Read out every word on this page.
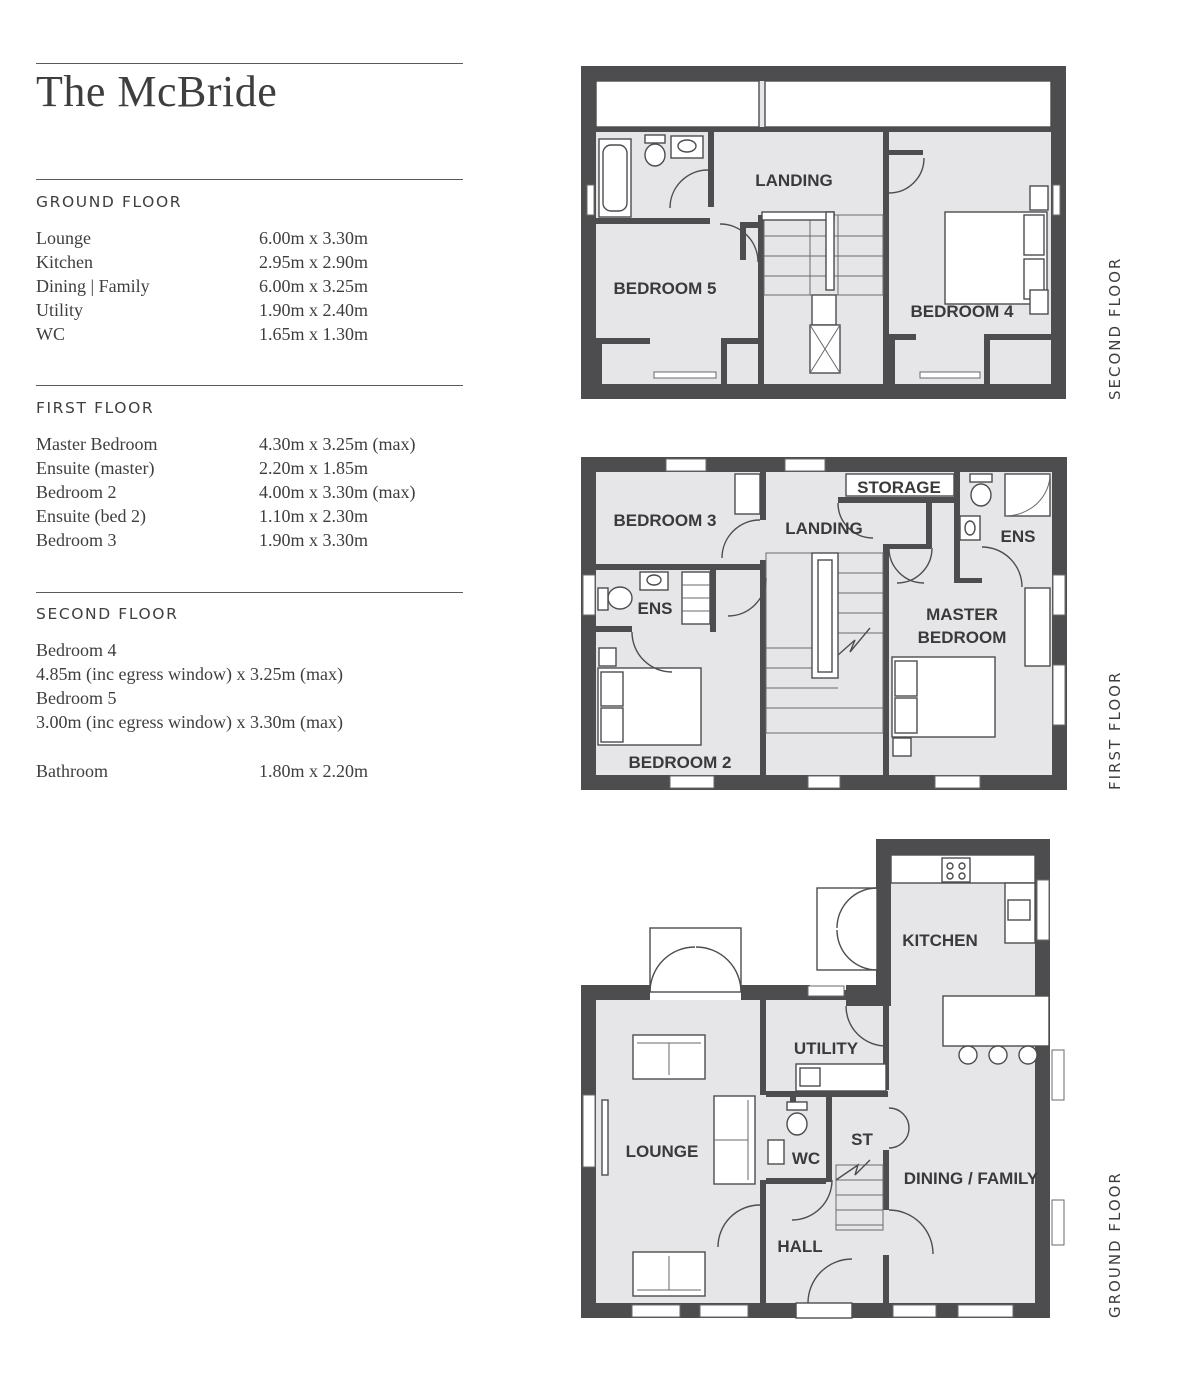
The McBride
GROUND FLOOR
Lounge	6.00m x 3.30m
Kitchen	2.95m x 2.90m
Dining | Family	6.00m x 3.25m
Utility	1.90m x 2.40m
WC	1.65m x 1.30m
FIRST FLOOR
Master Bedroom	4.30m x 3.25m (max)
Ensuite (master)	2.20m x 1.85m
Bedroom 2	4.00m x 3.30m (max)
Ensuite (bed 2)	1.10m x 2.30m
Bedroom 3	1.90m x 3.30m
SECOND FLOOR
Bedroom 4
4.85m (inc egress window) x 3.25m (max)
Bedroom 5
3.00m (inc egress window) x 3.30m (max)
Bathroom	1.80m x 2.20m
LANDING
BEDROOM 5
BEDROOM 4
BEDROOM 3	LANDING
STORAGE
ENS
MASTER
BEDROOM
ENS
BEDROOM 2
KITCHEN
UTILITY
LOUNGE
ST
WC
DINING / FAMILY
HALL
SECOND FLOOR
FIRST FLOOR
GROUND FLOOR
